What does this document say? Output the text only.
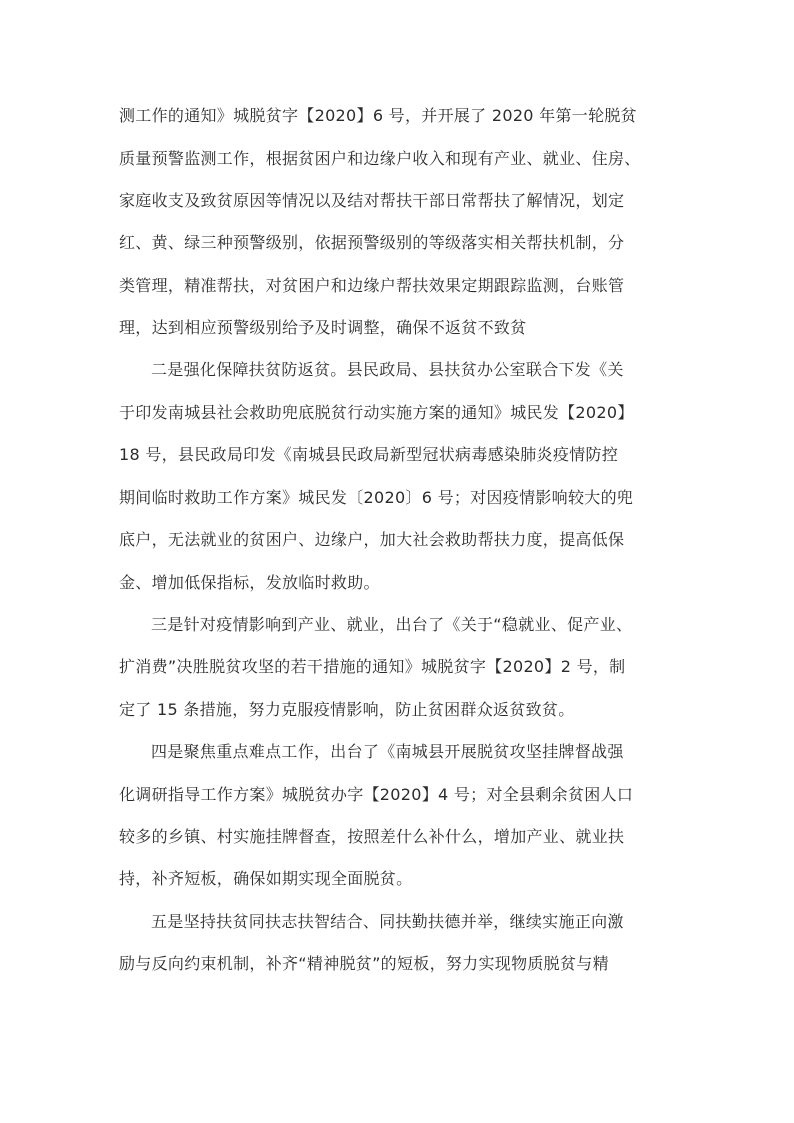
测工作的通知》城脱贫字【2020】6 号，并开展了 2020 年第一轮脱贫
质量预警监测工作，根据贫困户和边缘户收入和现有产业、就业、住房、
家庭收支及致贫原因等情况以及结对帮扶干部日常帮扶了解情况，划定
红、黄、绿三种预警级别，依据预警级别的等级落实相关帮扶机制，分
类管理，精准帮扶，对贫困户和边缘户帮扶效果定期跟踪监测，台账管
理，达到相应预警级别给予及时调整，确保不返贫不致贫
二是强化保障扶贫防返贫。县民政局、县扶贫办公室联合下发《关
于印发南城县社会救助兜底脱贫行动实施方案的通知》城民发【2020】
18 号，县民政局印发《南城县民政局新型冠状病毒感染肺炎疫情防控
期间临时救助工作方案》城民发〔2020〕6 号；对因疫情影响较大的兜
底户，无法就业的贫困户、边缘户，加大社会救助帮扶力度，提高低保
金、增加低保指标，发放临时救助。
三是针对疫情影响到产业、就业，出台了《关于“稳就业、促产业、
扩消费”决胜脱贫攻坚的若干措施的通知》城脱贫字【2020】2 号，制
定了 15 条措施，努力克服疫情影响，防止贫困群众返贫致贫。
四是聚焦重点难点工作，出台了《南城县开展脱贫攻坚挂牌督战强
化调研指导工作方案》城脱贫办字【2020】4 号；对全县剩余贫困人口
较多的乡镇、村实施挂牌督查，按照差什么补什么，增加产业、就业扶
持，补齐短板，确保如期实现全面脱贫。
五是坚持扶贫同扶志扶智结合、同扶勤扶德并举，继续实施正向激
励与反向约束机制，补齐“精神脱贫”的短板，努力实现物质脱贫与精
